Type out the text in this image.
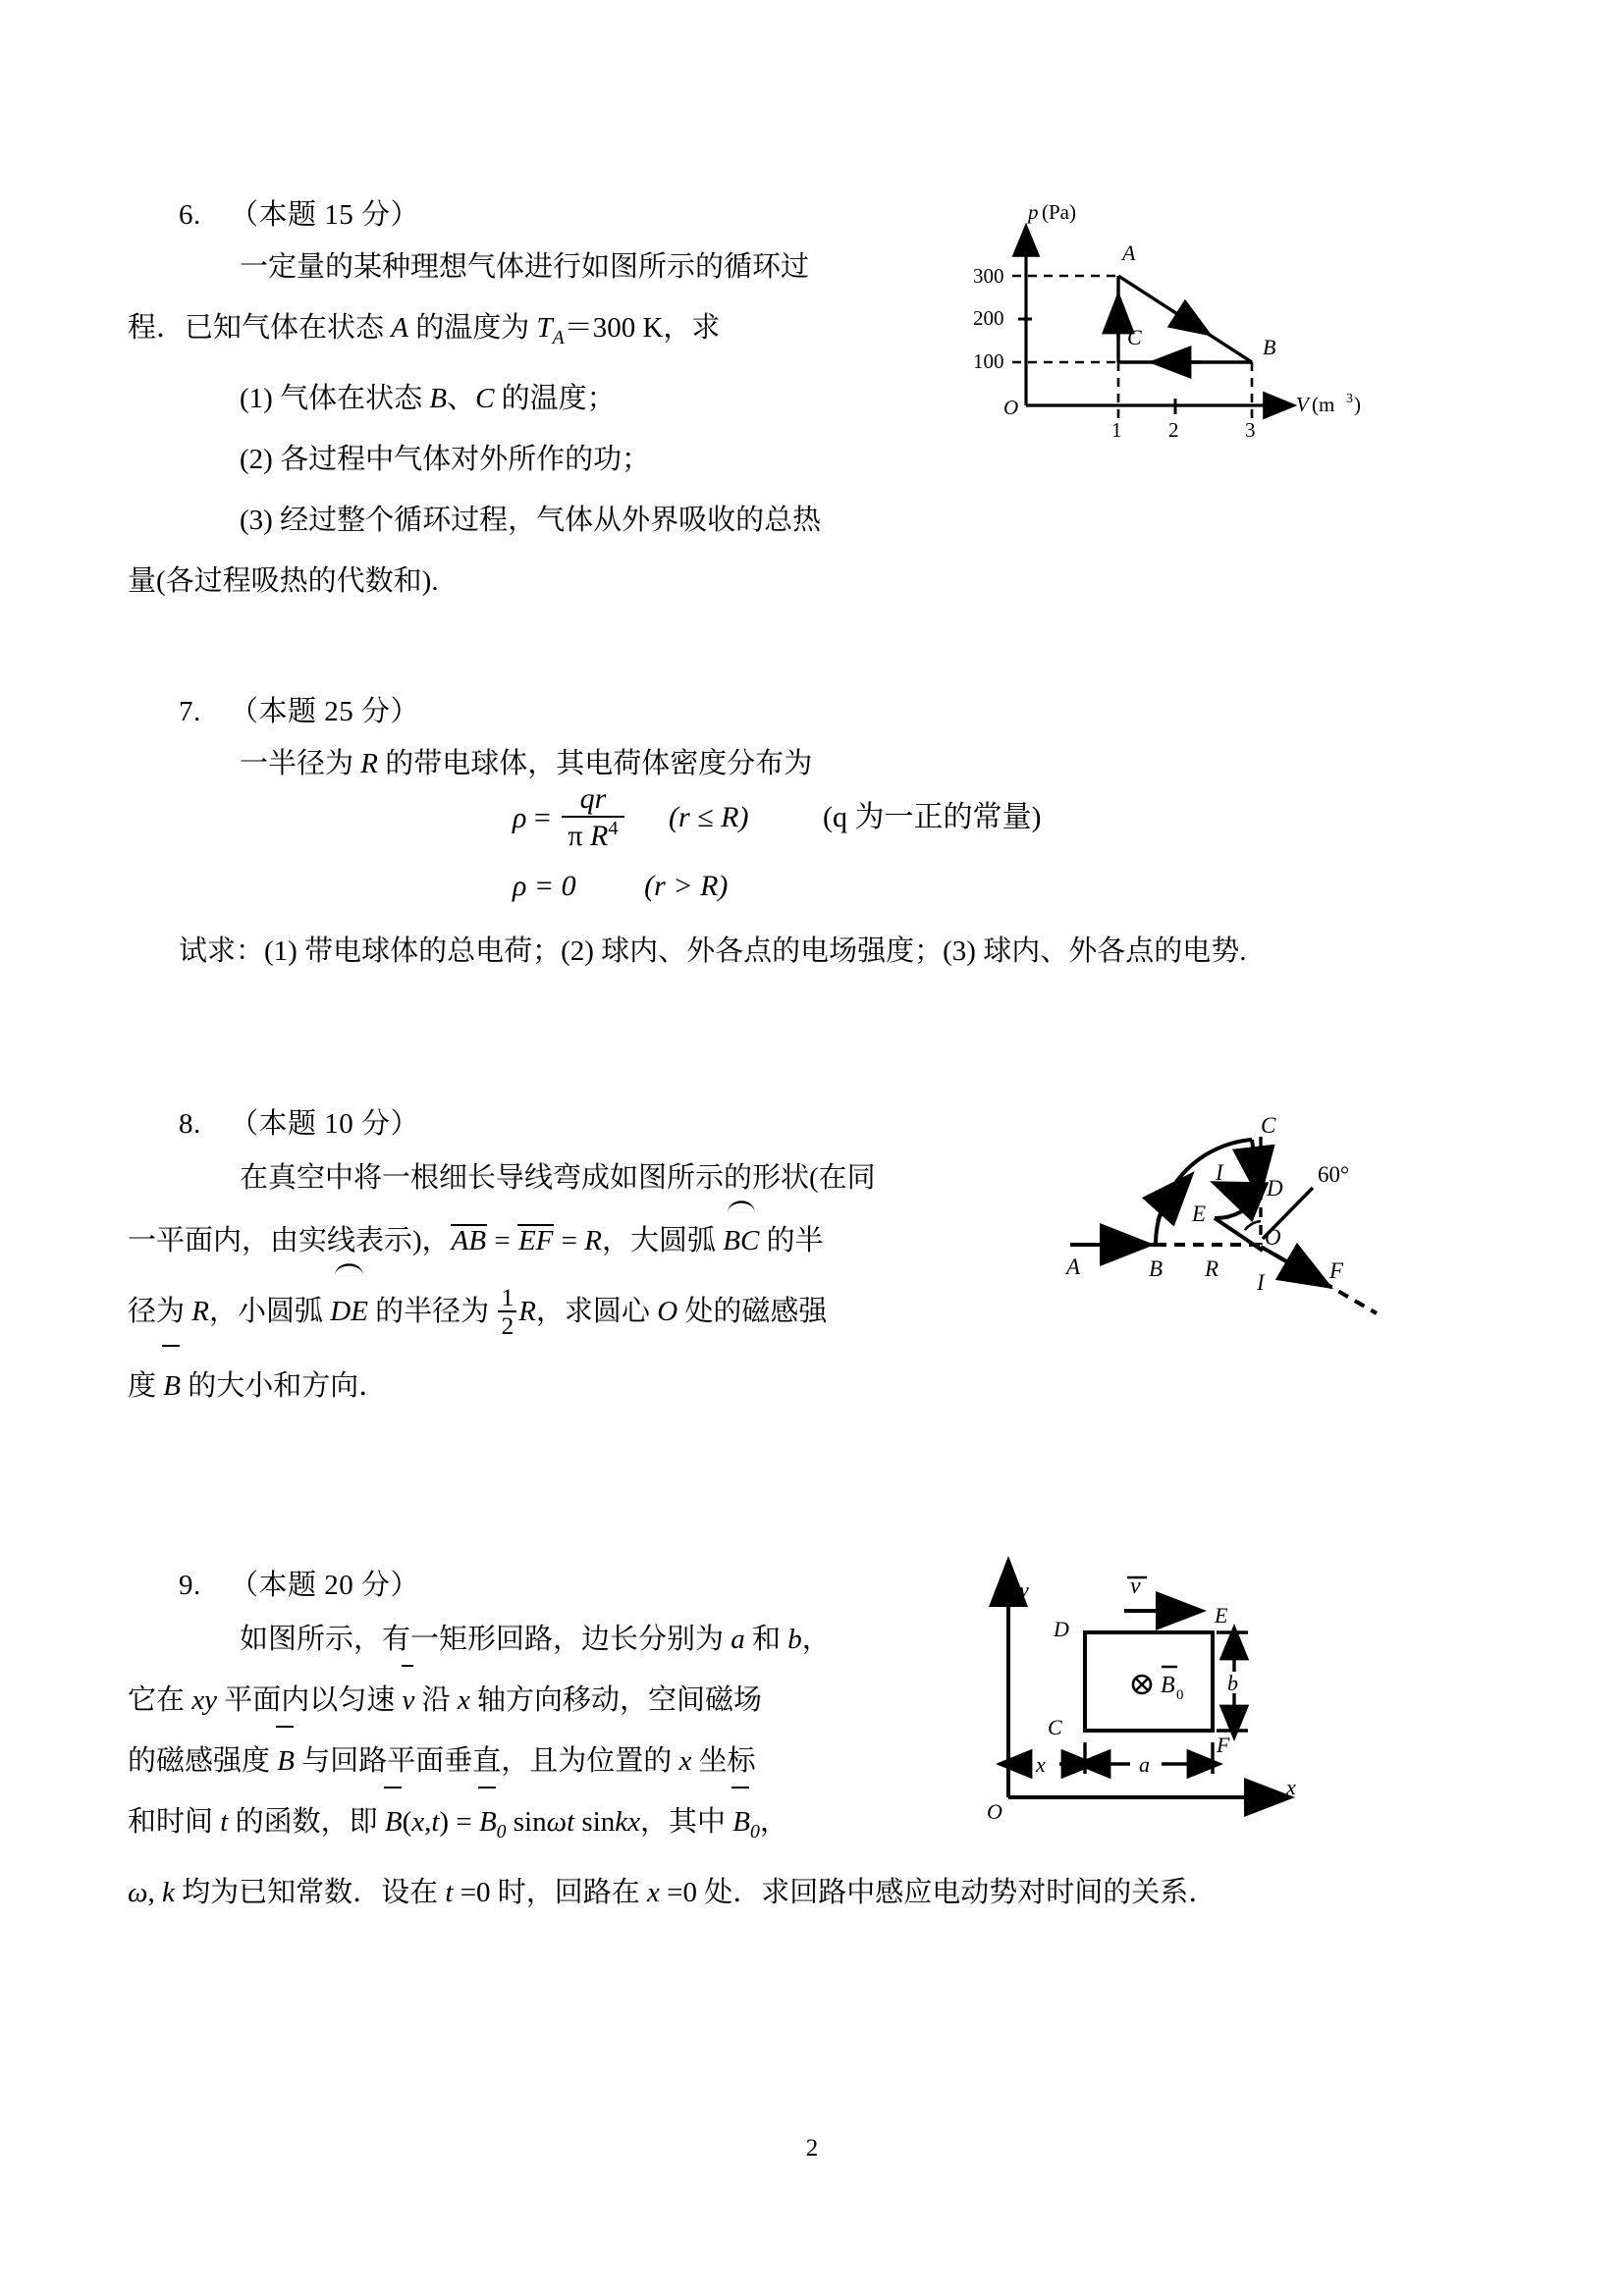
6. （本题 15 分）
一定量的某种理想气体进行如图所示的循环过
程．已知气体在状态 A 的温度为 $T_A=300$ K，求
(1) 气体在状态 B、C 的温度；
(2) 各过程中气体对外所作的功；
(3) 经过整个循环过程，气体从外界吸收的总热
量(各过程吸热的代数和).
p (Pa)
V (m 3 )
O
300
200
100
1 2	3
A
B
C
7. （本题 25 分）
一半径为 R 的带电球体，其电荷体密度分布为
$\rho = \frac{qr}{\pi R^4} (r \le R)$	(q 为一正的常量)
ρ = 0 (r > R)
试求：(1) 带电球体的总电荷；(2) 球内、外各点的电场强度；(3) 球内、外各点的电势.
8. （本题 10 分）
在真空中将一根细长导线弯成如图所示的形状(在同
一平面内，由实线表示)，AB = EF = R，大圆弧 BC 的半
径为 R，小圆弧 DE 的半径为 $\frac{1}{2}$ R，求圆心 O 处的磁感强
度 B 的大小和方向．
A	B
C
D
E
F
O
R
I
I
60°
9. （本题 20 分）
如图所示，有一矩形回路，边长分别为 a 和 b，
它在 xy 平面内以匀速 v 沿 x 轴方向移动，空间磁场
的磁感强度 B 与回路平面垂直，且为位置的 x 坐标
和时间 t 的函数，即 $B(x,t) = B_0$ sinωt sinkx，其中 $B_0$，
ω, k 均为已知常数．设在 t =0 时，回路在 x =0 处．求回路中感应电动势对时间的关系．
y
x
D
E
C
F
v
B 0 b
x	a
O
2
